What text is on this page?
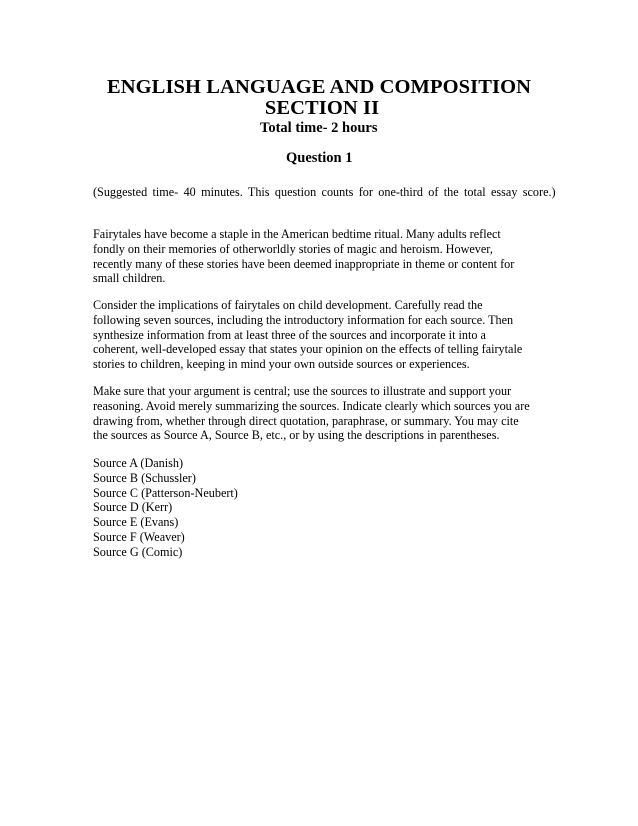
ENGLISH LANGUAGE AND COMPOSITION
SECTION II
Total time- 2 hours
Question 1
(Suggested time- 40 minutes. This question counts for one-third of the total essay score.)
Fairytales have become a staple in the American bedtime ritual. Many adults reflect
fondly on their memories of otherworldly stories of magic and heroism. However,
recently many of these stories have been deemed inappropriate in theme or content for
small children.
Consider the implications of fairytales on child development. Carefully read the
following seven sources, including the introductory information for each source. Then
synthesize information from at least three of the sources and incorporate it into a
coherent, well-developed essay that states your opinion on the effects of telling fairytale
stories to children, keeping in mind your own outside sources or experiences.
Make sure that your argument is central; use the sources to illustrate and support your
reasoning. Avoid merely summarizing the sources. Indicate clearly which sources you are
drawing from, whether through direct quotation, paraphrase, or summary. You may cite
the sources as Source A, Source B, etc., or by using the descriptions in parentheses.
Source A (Danish)
Source B (Schussler)
Source C (Patterson-Neubert)
Source D (Kerr)
Source E (Evans)
Source F (Weaver)
Source G (Comic)
